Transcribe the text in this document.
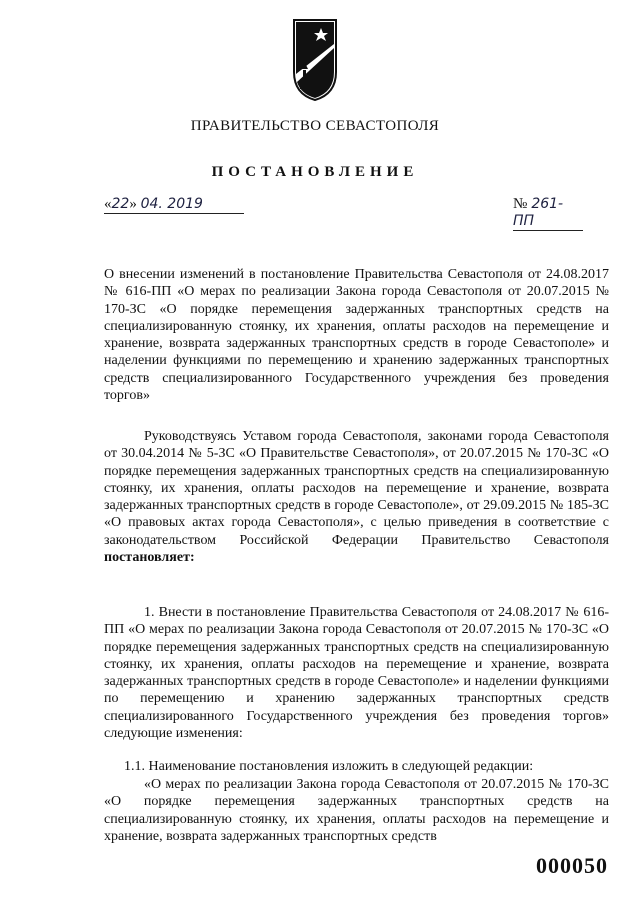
ПРАВИТЕЛЬСТВО СЕВАСТОПОЛЯ
ПОСТАНОВЛЕНИЕ
«22» 04. 2019	№ 261-ПП
О внесении изменений в постановление Правительства Севастополя от 24.08.2017 № 616-ПП «О мерах по реализации Закона города Севастополя от 20.07.2015 № 170-ЗС «О порядке перемещения задержанных транспортных средств на специализированную стоянку, их хранения, оплаты расходов на перемещение и хранение, возврата задержанных транспортных средств в городе Севастополе» и наделении функциями по перемещению и хранению задержанных транспортных средств специализированного Государственного учреждения без проведения торгов»
Руководствуясь Уставом города Севастополя, законами города Севастополя от 30.04.2014 № 5-ЗС «О Правительстве Севастополя», от 20.07.2015 № 170-ЗС «О порядке перемещения задержанных транспортных средств на специализированную стоянку, их хранения, оплаты расходов на перемещение и хранение, возврата задержанных транспортных средств в городе Севастополе», от 29.09.2015 № 185-ЗС «О правовых актах города Севастополя», с целью приведения в соответствие с законодательством Российской Федерации Правительство Севастополя постановляет:
1. Внести в постановление Правительства Севастополя от 24.08.2017 № 616-ПП «О мерах по реализации Закона города Севастополя от 20.07.2015 № 170-ЗС «О порядке перемещения задержанных транспортных средств на специализированную стоянку, их хранения, оплаты расходов на перемещение и хранение, возврата задержанных транспортных средств в городе Севастополе» и наделении функциями по перемещению и хранению задержанных транспортных средств специализированного Государственного учреждения без проведения торгов» следующие изменения:
1.1. Наименование постановления изложить в следующей редакции:
«О мерах по реализации Закона города Севастополя от 20.07.2015 № 170-ЗС «О порядке перемещения задержанных транспортных средств на специализированную стоянку, их хранения, оплаты расходов на перемещение и хранение, возврата задержанных транспортных средств
000050
